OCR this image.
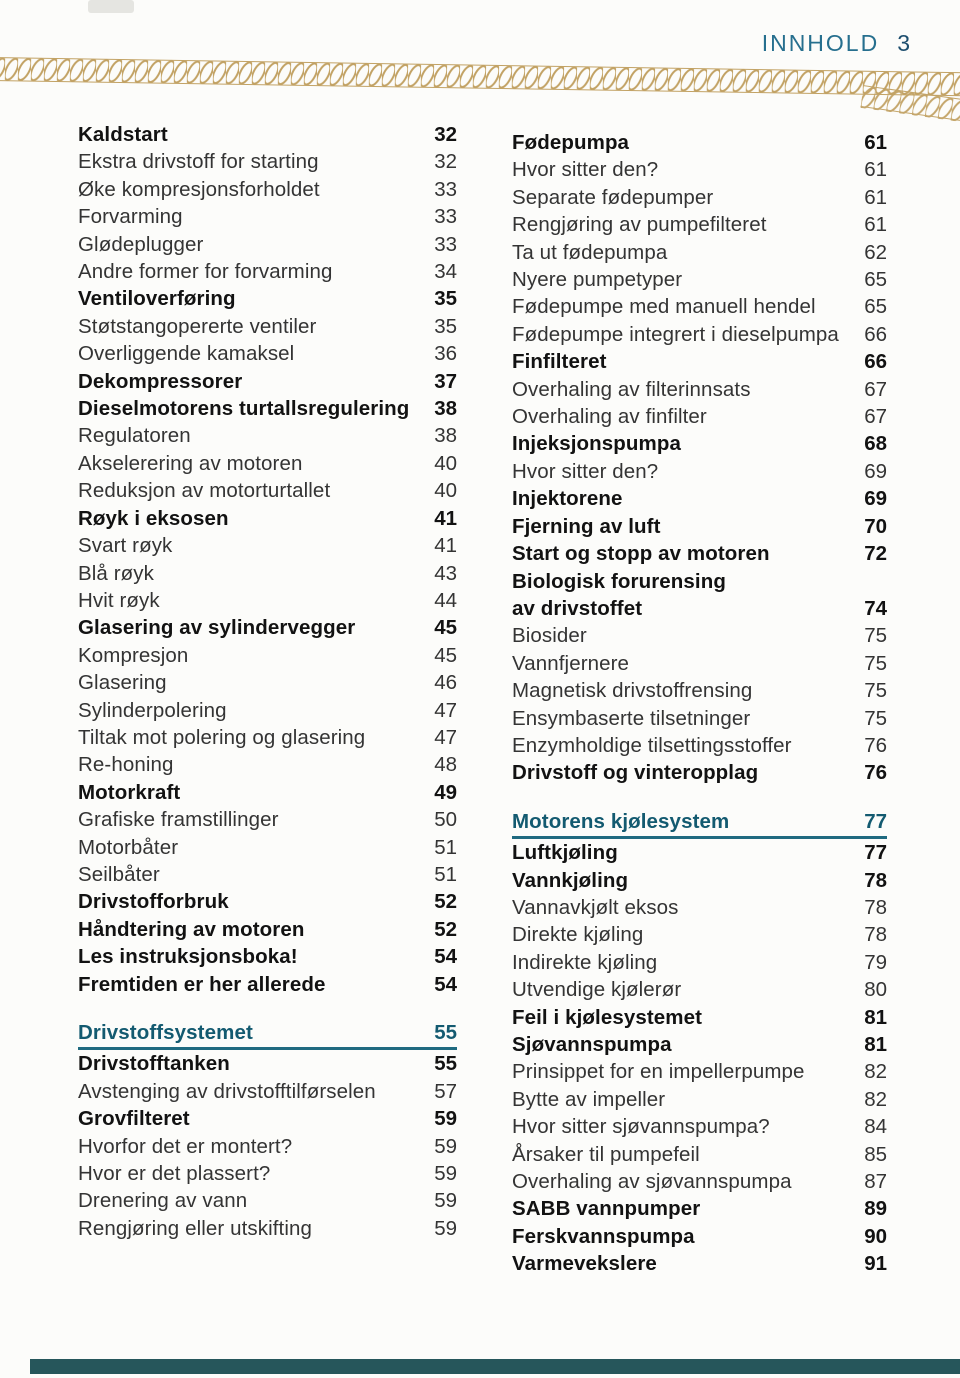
INNHOLD 3
Kaldstart	32
Ekstra drivstoff for starting	32
Øke kompresjonsforholdet	33
Forvarming	33
Glødeplugger	33
Andre former for forvarming	34
Ventiloverføring	35
Støtstangopererte ventiler	35
Overliggende kamaksel	36
Dekompressorer	37
Dieselmotorens turtallsregulering 38
Regulatoren	38
Akselerering av motoren	40
Reduksjon av motorturtallet	40
Røyk i eksosen	41
Svart røyk	41
Blå røyk	43
Hvit røyk	44
Glasering av sylindervegger	45
Kompresjon	45
Glasering	46
Sylinderpolering	47
Tiltak mot polering og glasering	47
Re-honing	48
Motorkraft	49
Grafiske framstillinger	50
Motorbåter	51
Seilbåter	51
Drivstofforbruk	52
Håndtering av motoren	52
Les instruksjonsboka!	54
Fremtiden er her allerede	54
Drivstoffsystemet	55
Drivstofftanken	55
Avstenging av drivstofftilførselen	57
Grovfilteret	59
Hvorfor det er montert?	59
Hvor er det plassert?	59
Drenering av vann	59
Rengjøring eller utskifting	59
Fødepumpa	61
Hvor sitter den?	61
Separate fødepumper	61
Rengjøring av pumpefilteret	61
Ta ut fødepumpa	62
Nyere pumpetyper	65
Fødepumpe med manuell hendel 65
Fødepumpe integrert i dieselpumpa 66
Finfilteret	66
Overhaling av filterinnsats	67
Overhaling av finfilter	67
Injeksjonspumpa	68
Hvor sitter den?	69
Injektorene	69
Fjerning av luft	70
Start og stopp av motoren	72
Biologisk forurensing
av drivstoffet	74
Biosider	75
Vannfjernere	75
Magnetisk drivstoffrensing	75
Ensymbaserte tilsetninger	75
Enzymholdige tilsettingsstoffer	76
Drivstoff og vinteropplag	76
Motorens kjølesystem	77
Luftkjøling	77
Vannkjøling	78
Vannavkjølt eksos	78
Direkte kjøling	78
Indirekte kjøling	79
Utvendige kjølerør	80
Feil i kjølesystemet	81
Sjøvannspumpa	81
Prinsippet for en impellerpumpe	82
Bytte av impeller	82
Hvor sitter sjøvannspumpa?	84
Årsaker til pumpefeil	85
Overhaling av sjøvannspumpa	87
SABB vannpumper	89
Ferskvannspumpa	90
Varmevekslere	91
